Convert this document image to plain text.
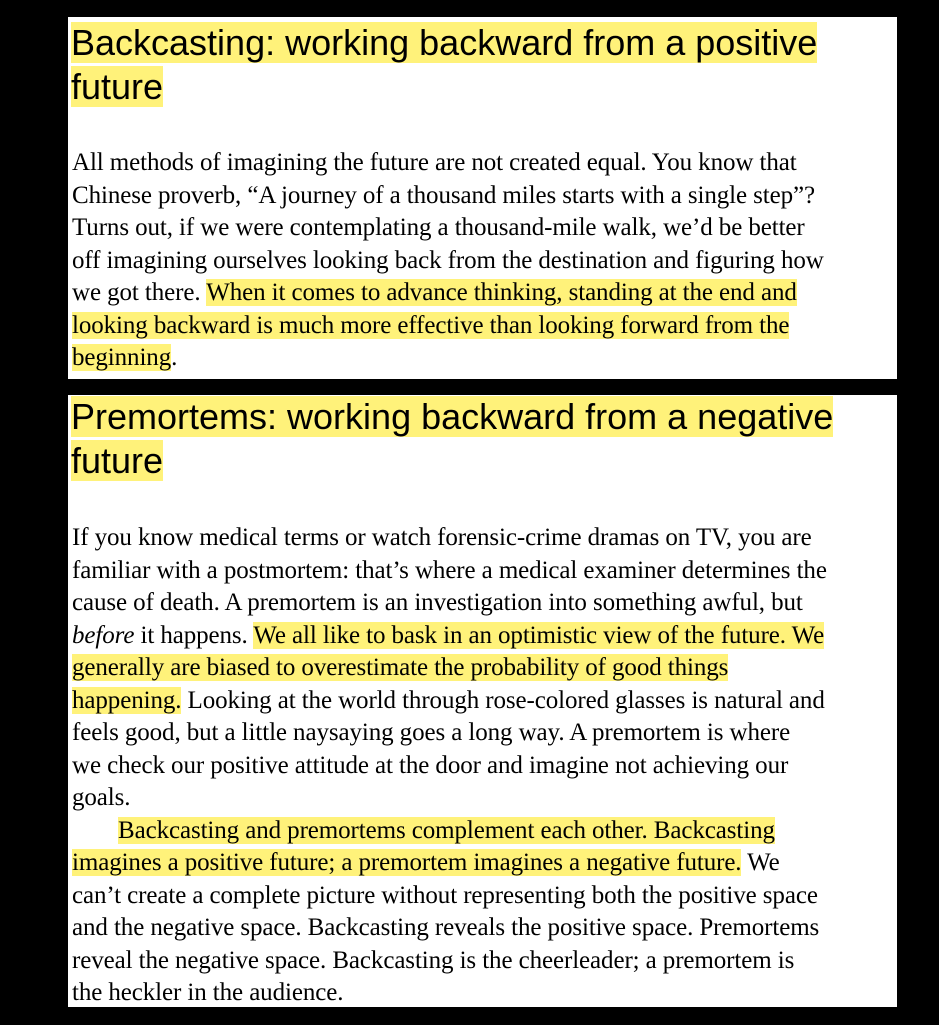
Backcasting: working backward from a positive
future
All methods of imagining the future are not created equal. You know that
Chinese proverb, “A journey of a thousand miles starts with a single step”?
Turns out, if we were contemplating a thousand-mile walk, we’d be better
off imagining ourselves looking back from the destination and figuring how
we got there. When it comes to advance thinking, standing at the end and
looking backward is much more effective than looking forward from the
beginning.
Premortems: working backward from a negative
future
If you know medical terms or watch forensic-crime dramas on TV, you are
familiar with a postmortem: that’s where a medical examiner determines the
cause of death. A premortem is an investigation into something awful, but
before it happens. We all like to bask in an optimistic view of the future. We
generally are biased to overestimate the probability of good things
happening. Looking at the world through rose-colored glasses is natural and
feels good, but a little naysaying goes a long way. A premortem is where
we check our positive attitude at the door and imagine not achieving our
goals.
Backcasting and premortems complement each other. Backcasting
imagines a positive future; a premortem imagines a negative future. We
can’t create a complete picture without representing both the positive space
and the negative space. Backcasting reveals the positive space. Premortems
reveal the negative space. Backcasting is the cheerleader; a premortem is
the heckler in the audience.
